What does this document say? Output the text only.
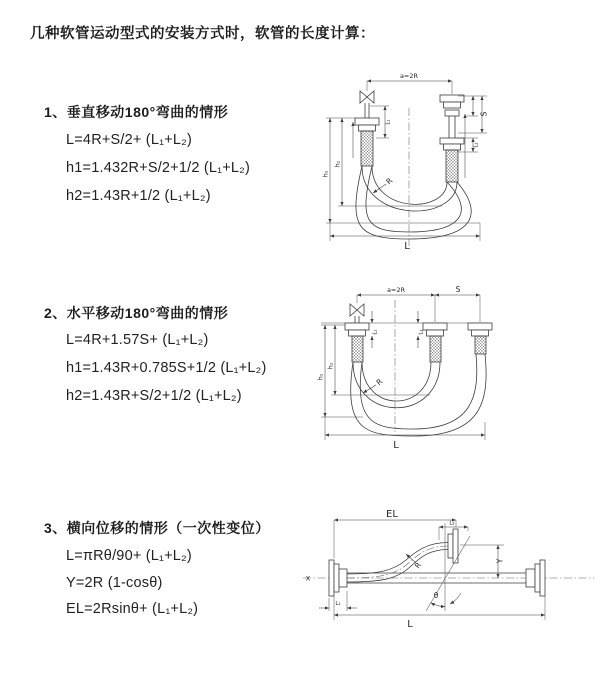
几种软管运动型式的安装方式时，软管的长度计算：
1、垂直移动180°弯曲的情形
L=4R+S/2+ (L₁+L₂)
h1=1.432R+S/2+1/2 (L₁+L₂)
h2=1.43R+1/2 (L₁+L₂)
2、水平移动180°弯曲的情形
L=4R+1.57S+ (L₁+L₂)
h1=1.43R+0.785S+1/2 (L₁+L₂)
h2=1.43R+S/2+1/2 (L₁+L₂)
3、横向位移的情形（一次性变位）
L=πRθ/90+ (L₁+L₂)
Y=2R (1-cosθ)
EL=2Rsinθ+ (L₁+L₂)
a=2R
h₁
h₂
L₁
S
L₂
R
L
a=2R	S
L₁	L₂
h₁
h₂
R
L
X
EL
L₂
Y
θ
R
L₁
L
